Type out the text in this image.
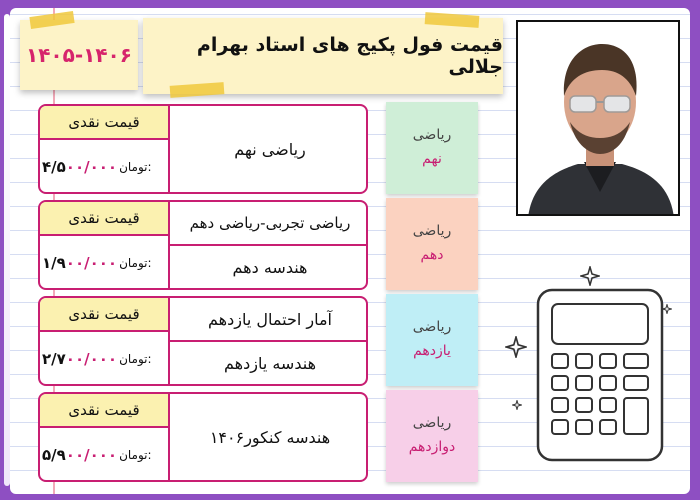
۱۴۰۵-۱۴۰۶	قیمت فول پکیج های استاد بهرام جلالی
قیمت نقدی
۴/۵۰۰/۰۰۰ تومان:
ریاضی نهم
ریاضی
نهم
قیمت نقدی
۱/۹۰۰/۰۰۰ تومان:
ریاضی تجربی-ریاضی دهم
هندسه دهم
ریاضی
دهم
قیمت نقدی
۲/۷۰۰/۰۰۰ تومان:
آمار احتمال یازدهم
هندسه یازدهم
ریاضی
یازدهم
قیمت نقدی
۵/۹۰۰/۰۰۰ تومان:
هندسه کنکور۱۴۰۶
ریاضی
دوازدهم
